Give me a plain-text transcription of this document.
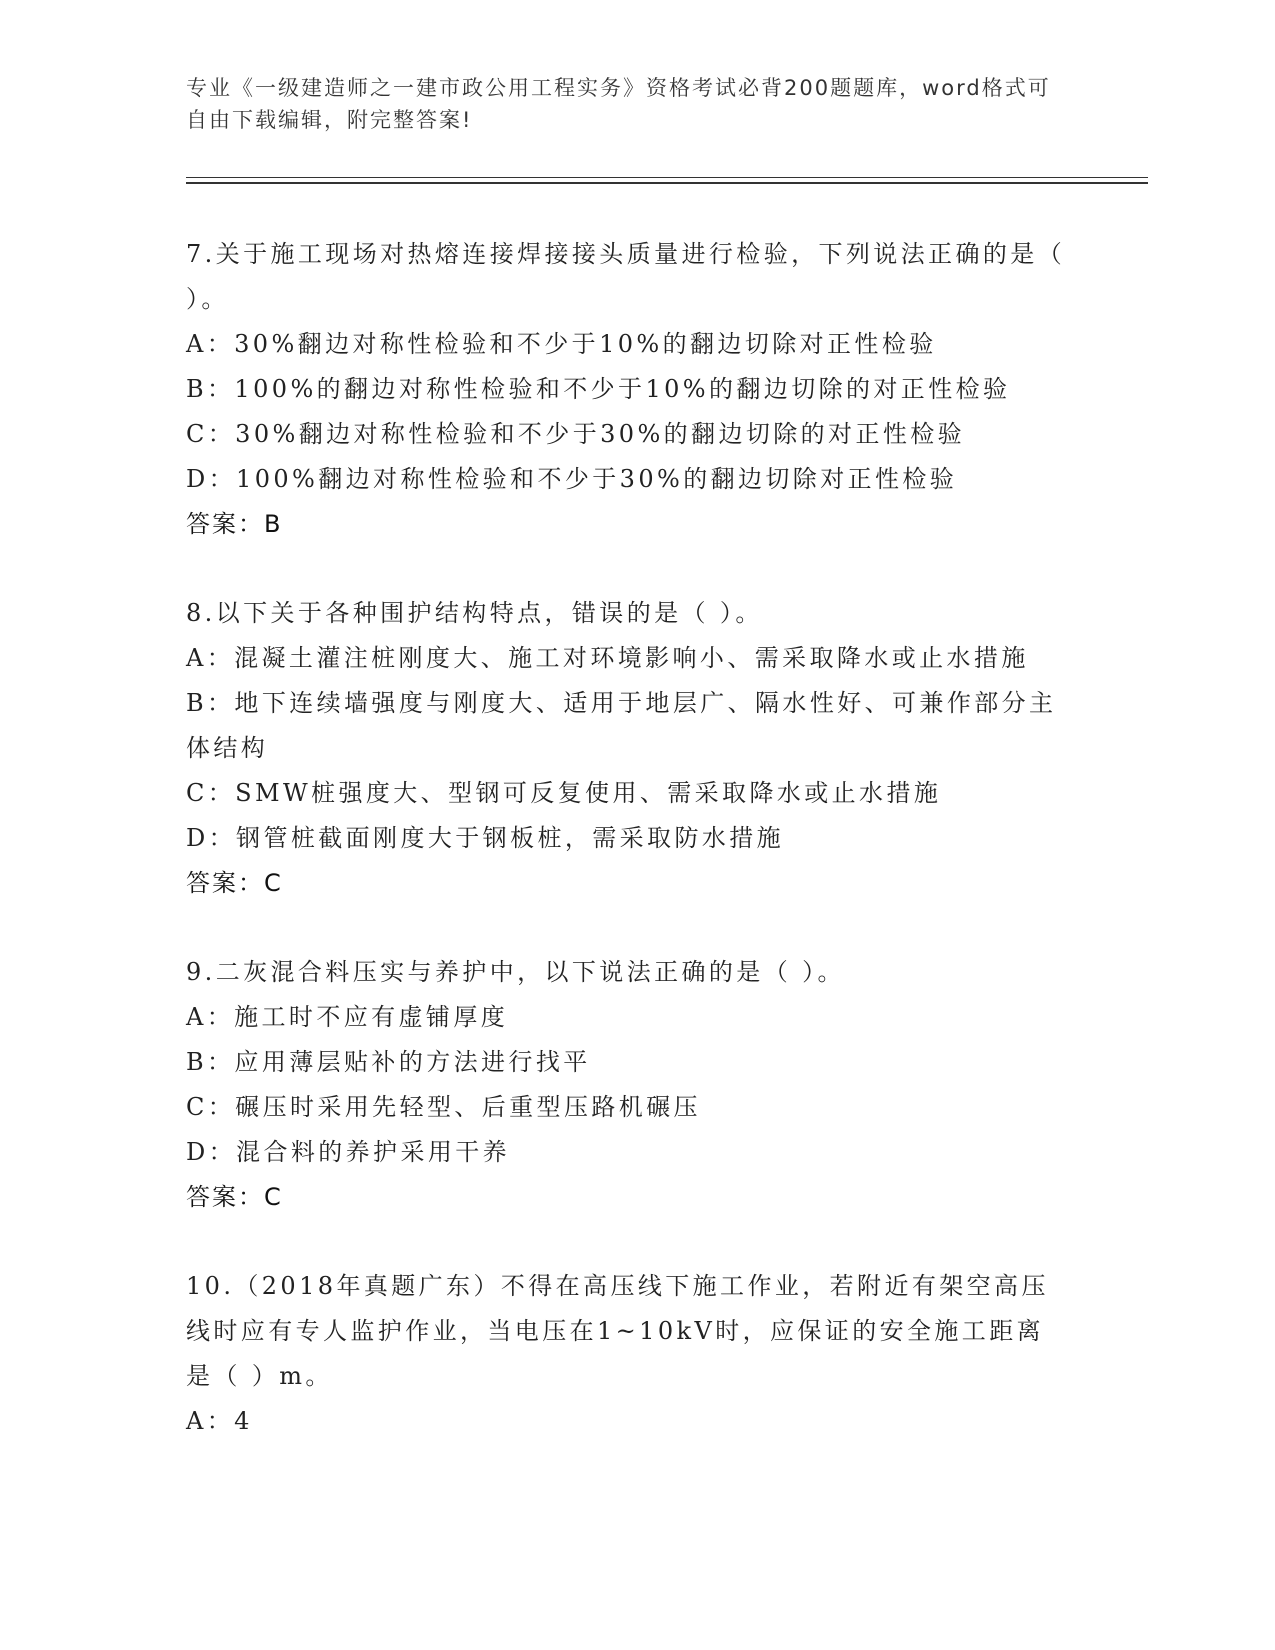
专业《一级建造师之一建市政公用工程实务》资格考试必背200题题库，word格式可自由下载编辑，附完整答案!
7.关于施工现场对热熔连接焊接接头质量进行检验，下列说法正确的是（ ）。
A：30%翻边对称性检验和不少于10%的翻边切除对正性检验
B：100%的翻边对称性检验和不少于10%的翻边切除的对正性检验
C：30%翻边对称性检验和不少于30%的翻边切除的对正性检验
D：100%翻边对称性检验和不少于30%的翻边切除对正性检验
答案：B
8.以下关于各种围护结构特点，错误的是（ ）。
A：混凝土灌注桩刚度大、施工对环境影响小、需采取降水或止水措施
B：地下连续墙强度与刚度大、适用于地层广、隔水性好、可兼作部分主体结构
C：SMW桩强度大、型钢可反复使用、需采取降水或止水措施
D：钢管桩截面刚度大于钢板桩，需采取防水措施
答案：C
9.二灰混合料压实与养护中，以下说法正确的是（ ）。
A：施工时不应有虚铺厚度
B：应用薄层贴补的方法进行找平
C：碾压时采用先轻型、后重型压路机碾压
D：混合料的养护采用干养
答案：C
10.（2018年真题广东）不得在高压线下施工作业，若附近有架空高压线时应有专人监护作业，当电压在1~10kV时，应保证的安全施工距离是（ ）m。
A：4
